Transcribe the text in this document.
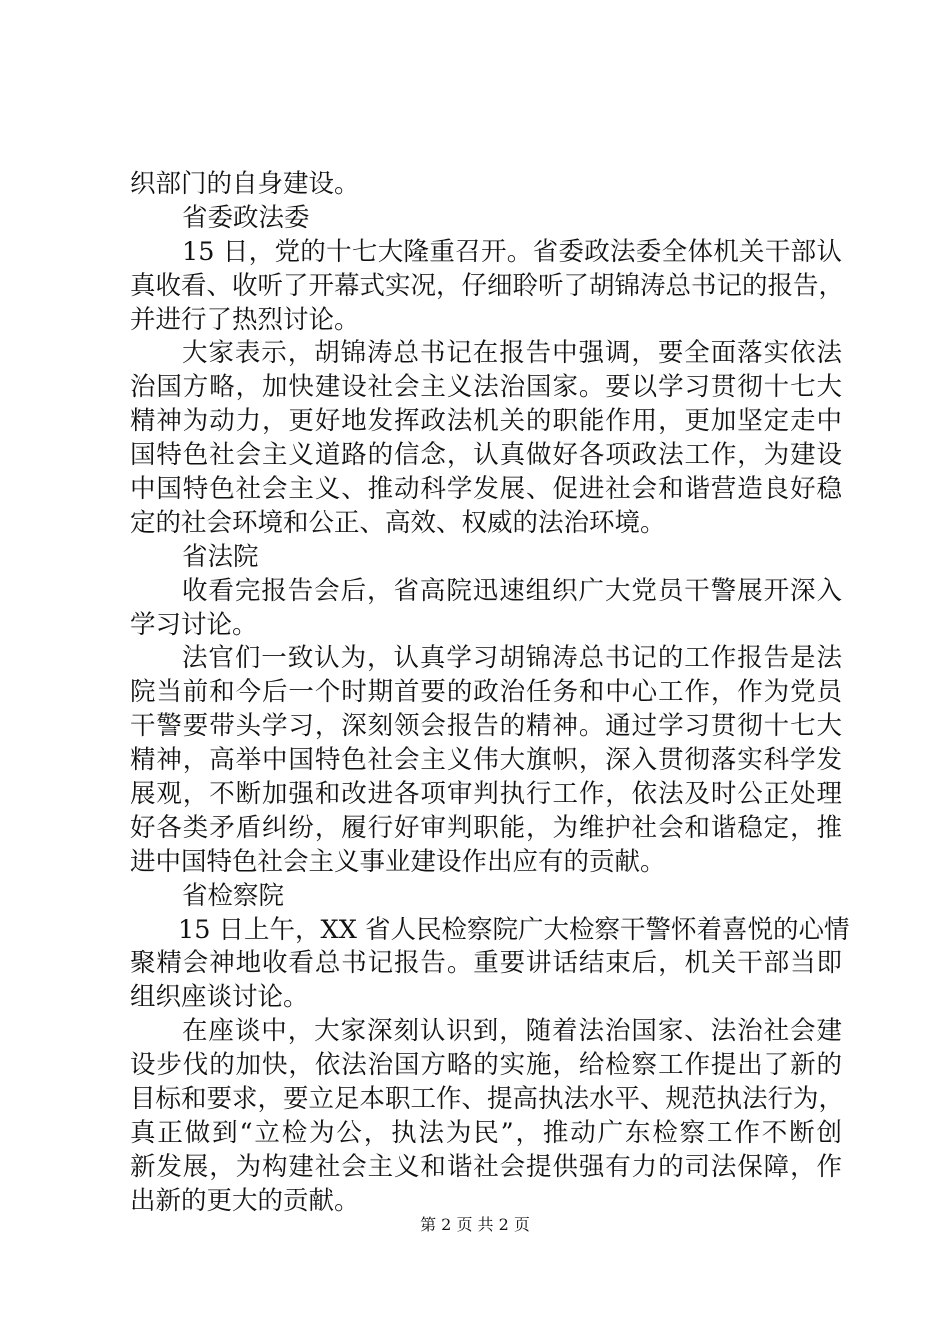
织部门的自身建设。
省委政法委
15 日，党的十七大隆重召开。省委政法委全体机关干部认
真收看、收听了开幕式实况，仔细聆听了胡锦涛总书记的报告，
并进行了热烈讨论。
大家表示，胡锦涛总书记在报告中强调，要全面落实依法
治国方略，加快建设社会主义法治国家。要以学习贯彻十七大
精神为动力，更好地发挥政法机关的职能作用，更加坚定走中
国特色社会主义道路的信念，认真做好各项政法工作，为建设
中国特色社会主义、推动科学发展、促进社会和谐营造良好稳
定的社会环境和公正、高效、权威的法治环境。
省法院
收看完报告会后，省高院迅速组织广大党员干警展开深入
学习讨论。
法官们一致认为，认真学习胡锦涛总书记的工作报告是法
院当前和今后一个时期首要的政治任务和中心工作，作为党员
干警要带头学习，深刻领会报告的精神。通过学习贯彻十七大
精神，高举中国特色社会主义伟大旗帜，深入贯彻落实科学发
展观，不断加强和改进各项审判执行工作，依法及时公正处理
好各类矛盾纠纷，履行好审判职能，为维护社会和谐稳定，推
进中国特色社会主义事业建设作出应有的贡献。
省检察院
15 日上午，XX 省人民检察院广大检察干警怀着喜悦的心情
聚精会神地收看总书记报告。重要讲话结束后，机关干部当即
组织座谈讨论。
在座谈中，大家深刻认识到，随着法治国家、法治社会建
设步伐的加快，依法治国方略的实施，给检察工作提出了新的
目标和要求，要立足本职工作、提高执法水平、规范执法行为，
真正做到“立检为公，执法为民”，推动广东检察工作不断创
新发展，为构建社会主义和谐社会提供强有力的司法保障，作
出新的更大的贡献。
第 2 页 共 2 页
